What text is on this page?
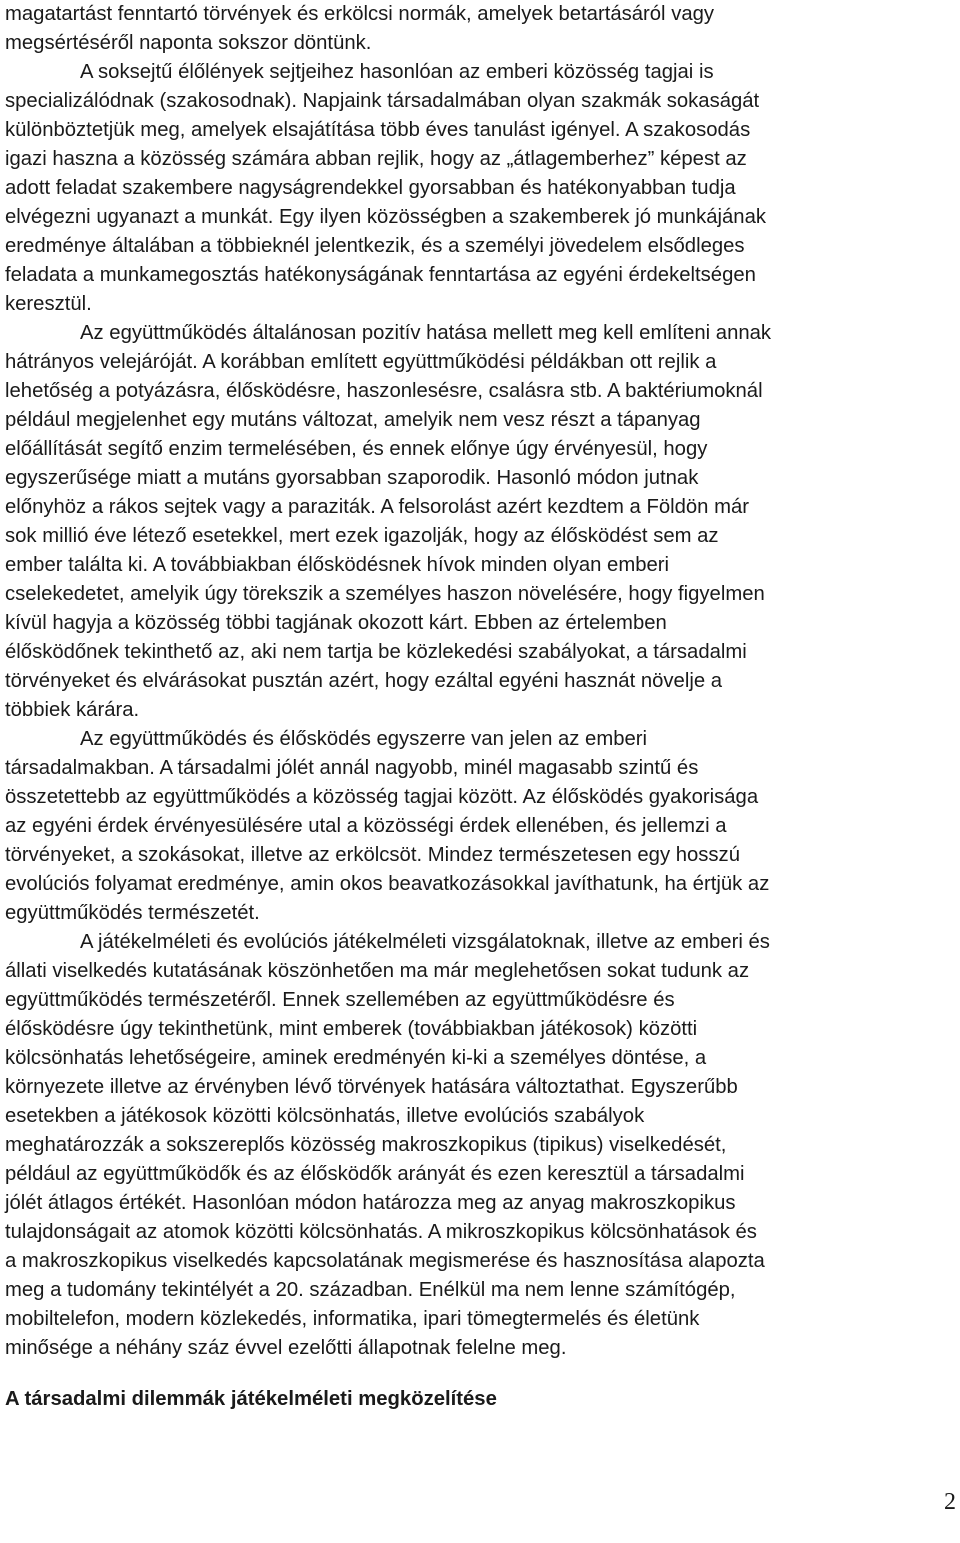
magatartást fenntartó törvények és erkölcsi normák, amelyek betartásáról vagy
megsértéséről naponta sokszor döntünk.
A soksejtű élőlények sejtjeihez hasonlóan az emberi közösség tagjai is
specializálódnak (szakosodnak). Napjaink társadalmában olyan szakmák sokaságát
különböztetjük meg, amelyek elsajátítása több éves tanulást igényel. A szakosodás
igazi haszna a közösség számára abban rejlik, hogy az „átlagemberhez” képest az
adott feladat szakembere nagyságrendekkel gyorsabban és hatékonyabban tudja
elvégezni ugyanazt a munkát. Egy ilyen közösségben a szakemberek jó munkájának
eredménye általában a többieknél jelentkezik, és a személyi jövedelem elsődleges
feladata a munkamegosztás hatékonyságának fenntartása az egyéni érdekeltségen
keresztül.
Az együttműködés általánosan pozitív hatása mellett meg kell említeni annak
hátrányos velejáróját. A korábban említett együttműködési példákban ott rejlik a
lehetőség a potyázásra, élősködésre, haszonlesésre, csalásra stb. A baktériumoknál
például megjelenhet egy mutáns változat, amelyik nem vesz részt a tápanyag
előállítását segítő enzim termelésében, és ennek előnye úgy érvényesül, hogy
egyszerűsége miatt a mutáns gyorsabban szaporodik. Hasonló módon jutnak
előnyhöz a rákos sejtek vagy a paraziták. A felsorolást azért kezdtem a Földön már
sok millió éve létező esetekkel, mert ezek igazolják, hogy az élősködést sem az
ember találta ki. A továbbiakban élősködésnek hívok minden olyan emberi
cselekedetet, amelyik úgy törekszik a személyes haszon növelésére, hogy figyelmen
kívül hagyja a közösség többi tagjának okozott kárt. Ebben az értelemben
élősködőnek tekinthető az, aki nem tartja be közlekedési szabályokat, a társadalmi
törvényeket és elvárásokat pusztán azért, hogy ezáltal egyéni hasznát növelje a
többiek kárára.
Az együttműködés és élősködés egyszerre van jelen az emberi
társadalmakban. A társadalmi jólét annál nagyobb, minél magasabb szintű és
összetettebb az együttműködés a közösség tagjai között. Az élősködés gyakorisága
az egyéni érdek érvényesülésére utal a közösségi érdek ellenében, és jellemzi a
törvényeket, a szokásokat, illetve az erkölcsöt. Mindez természetesen egy hosszú
evolúciós folyamat eredménye, amin okos beavatkozásokkal javíthatunk, ha értjük az
együttműködés természetét.
A játékelméleti és evolúciós játékelméleti vizsgálatoknak, illetve az emberi és
állati viselkedés kutatásának köszönhetően ma már meglehetősen sokat tudunk az
együttműködés természetéről. Ennek szellemében az együttműködésre és
élősködésre úgy tekinthetünk, mint emberek (továbbiakban játékosok) közötti
kölcsönhatás lehetőségeire, aminek eredményén ki-ki a személyes döntése, a
környezete illetve az érvényben lévő törvények hatására változtathat. Egyszerűbb
esetekben a játékosok közötti kölcsönhatás, illetve evolúciós szabályok
meghatározzák a sokszereplős közösség makroszkopikus (tipikus) viselkedését,
például az együttműködők és az élősködők arányát és ezen keresztül a társadalmi
jólét átlagos értékét. Hasonlóan módon határozza meg az anyag makroszkopikus
tulajdonságait az atomok közötti kölcsönhatás. A mikroszkopikus kölcsönhatások és
a makroszkopikus viselkedés kapcsolatának megismerése és hasznosítása alapozta
meg a tudomány tekintélyét a 20. században. Enélkül ma nem lenne számítógép,
mobiltelefon, modern közlekedés, informatika, ipari tömegtermelés és életünk
minősége a néhány száz évvel ezelőtti állapotnak felelne meg.
A társadalmi dilemmák játékelméleti megközelítése
2
